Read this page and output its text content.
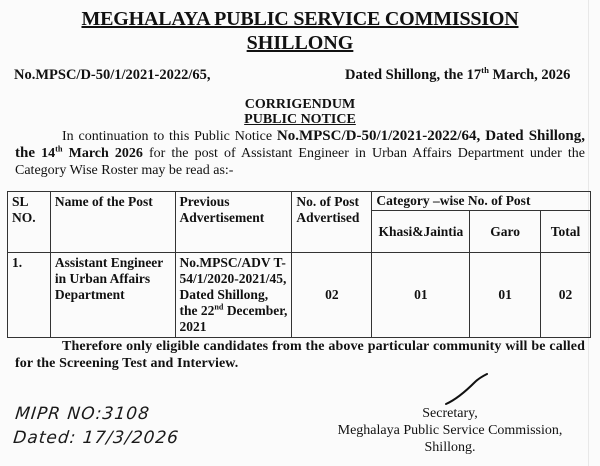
MEGHALAYA PUBLIC SERVICE COMMISSION
SHILLONG
No.MPSC/D-50/1/2021-2022/65,	Dated Shillong, the 17th March, 2026
CORRIGENDUM
PUBLIC NOTICE
In continuation to this Public Notice No.MPSC/D-50/1/2021-2022/64, Dated Shillong, the 14th March 2026 for the post of Assistant Engineer in Urban Affairs Department under the Category Wise Roster may be read as:-
SL NO.	Name of the Post	Previous Advertisement	No. of Post Advertised	Category –wise No. of Post		
				Khasi&Jaintia	Garo	Total
1.	Assistant Engineer in Urban Affairs Department	No.MPSC/ADV T-54/1/2020-2021/45, Dated Shillong, the 22nd December, 2021	02	01	01	02
Therefore only eligible candidates from the above particular community will be called for the Screening Test and Interview.
Secretary,
Meghalaya Public Service Commission,
Shillong.
MIPR NO:3108
Dated: 17/3/2026
